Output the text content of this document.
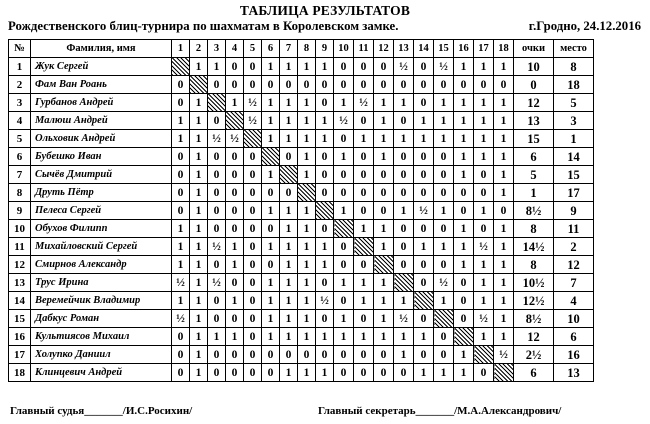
ТАБЛИЦА РЕЗУЛЬТАТОВ
Рождественского блиц-турнира по шахматам в Королевском замке.	г.Гродно, 24.12.2016
№	Фамилия, имя	1	2	3	4	5	6	7	8	9	10	11	12	13	14	15	16	17	18	очки	место
1	Жук Сергей		1	1	0	0	1	1	1	1	0	0	0	½	0	½	1	1	1	10	8
2	Фам Ван Роань	0		0	0	0	0	0	0	0	0	0	0	0	0	0	0	0	0	0	18
3	Гурбанов Андрей	0	1		1	½	1	1	1	0	1	½	1	1	0	1	1	1	1	12	5
4	Малюш Андрей	1	1	0		½	1	1	1	1	½	0	1	0	1	1	1	1	1	13	3
5	Ольховик Андрей	1	1	½	½		1	1	1	1	0	1	1	1	1	1	1	1	1	15	1
6	Бубешко Иван	0	1	0	0	0		0	1	0	1	0	1	0	0	0	1	1	1	6	14
7	Сычёв Дмитрий	0	1	0	0	0	1		1	0	0	0	0	0	0	0	1	0	1	5	15
8	Друть Пётр	0	1	0	0	0	0	0		0	0	0	0	0	0	0	0	0	1	1	17
9	Пелеса Сергей	0	1	0	0	0	1	1	1		1	0	0	1	½	1	0	1	0	8½	9
10	Обухов Филипп	1	1	0	0	0	0	1	1	0		1	1	0	0	0	1	0	1	8	11
11	Михайловский Сергей	1	1	½	1	0	1	1	1	1	0		1	0	1	1	1	½	1	14½	2
12	Смирнов Александр	1	1	0	1	0	0	1	1	1	0	0		0	0	0	1	1	1	8	12
13	Трус Ирина	½	1	½	0	0	1	1	1	0	1	1	1		0	½	0	1	1	10½	7
14	Веремейчик Владимир	1	1	0	1	0	1	1	1	½	0	1	1	1		1	0	1	1	12½	4
15	Дабкус Роман	½	1	0	0	0	1	1	1	0	1	0	1	½	0		0	½	1	8½	10
16	Культиясов Михаил	0	1	1	1	0	1	1	1	1	1	1	1	1	1	0		1	1	12	6
17	Холупко Даниил	0	1	0	0	0	0	0	0	0	0	0	0	1	0	0	1		½	2½	16
18	Клинцевич Андрей	0	1	0	0	0	0	1	1	1	0	0	0	0	1	1	1	0		6	13
Главный судья_______/И.С.Росихин/	Главный секретарь_______/М.А.Александрович/
